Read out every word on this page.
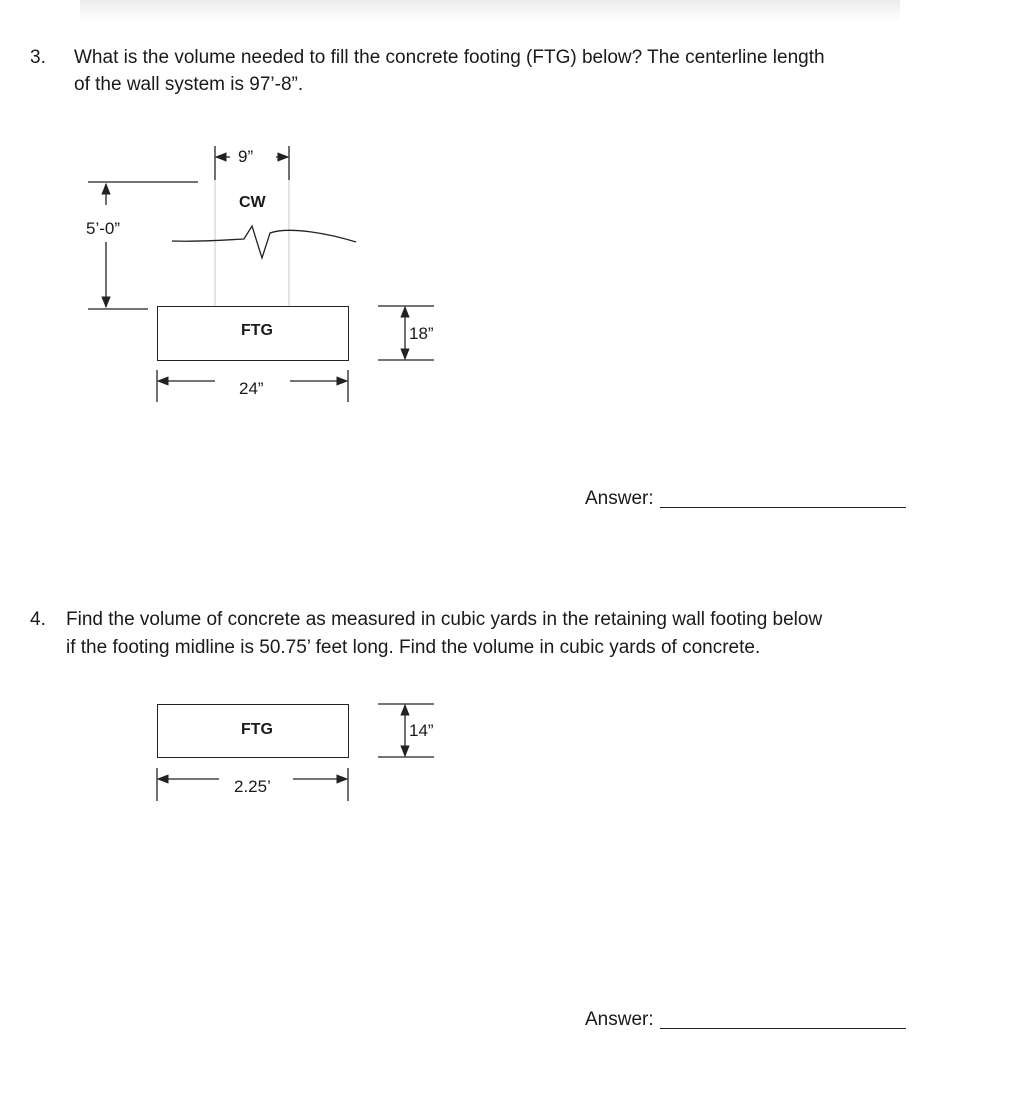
3. What is the volume needed to fill the concrete footing (FTG) below? The centerline length

of the wall system is 97’-8”.

9”
CW
5’-0”
FTG
24”
18”
Answer:
4. Find the volume of concrete as measured in cubic yards in the retaining wall footing below

if the footing midline is 50.75’ feet long. Find the volume in cubic yards of concrete.

FTG
2.25’
14”
Answer:
